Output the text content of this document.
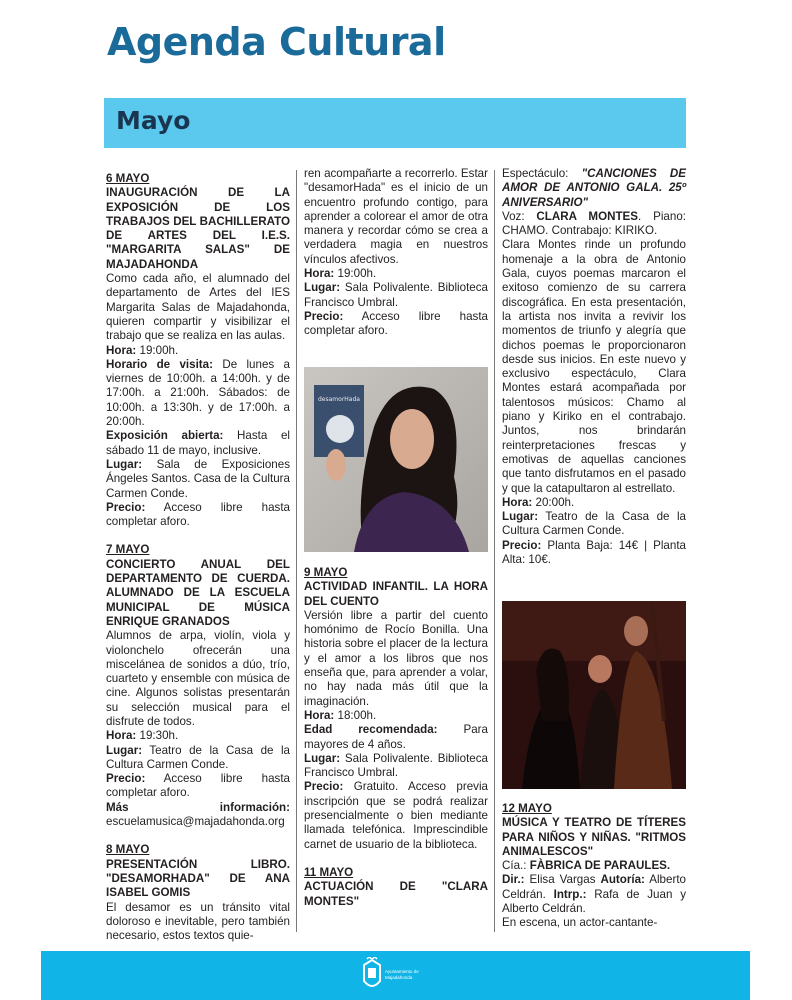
Agenda Cultural
Mayo

6 MAYO

INAUGURACIÓN DE LA EXPOSICIÓN DE LOS TRABAJOS DEL BACHILLERATO DE ARTES DEL I.E.S. "MARGARITA SALAS" DE MAJADAHONDA

Como cada año, el alumnado del departamento de Artes del IES Margarita Salas de Majadahonda, quieren compartir y visibilizar el trabajo que se realiza en las aulas.

Hora: 19:00h.

Horario de visita: De lunes a viernes de 10:00h. a 14:00h. y de 17:00h. a 21:00h. Sábados: de 10:00h. a 13:30h. y de 17:00h. a 20:00h.

Exposición abierta: Hasta el sábado 11 de mayo, inclusive.

Lugar: Sala de Exposiciones Ángeles Santos. Casa de la Cultura Carmen Conde.

Precio: Acceso libre hasta completar aforo.

7 MAYO

CONCIERTO ANUAL DEL DEPARTAMENTO DE CUERDA. ALUMNADO DE LA ESCUELA MUNICIPAL DE MÚSICA ENRIQUE GRANADOS

Alumnos de arpa, violín, viola y violonchelo ofrecerán una miscelánea de sonidos a dúo, trío, cuarteto y ensemble con música de cine. Algunos solistas presentarán su selección musical para el disfrute de todos.

Hora: 19:30h.

Lugar: Teatro de la Casa de la Cultura Carmen Conde.

Precio: Acceso libre hasta completar aforo.

Más información: escuelamusica@majadahonda.org

8 MAYO

PRESENTACIÓN LIBRO. "DESAMORHADA" DE ANA ISABEL GOMIS

El desamor es un tránsito vital doloroso e inevitable, pero también necesario, estos textos quie-

ren acompañarte a recorrerlo. Estar "desamorHada" es el inicio de un encuentro profundo contigo, para aprender a colorear el amor de otra manera y recordar cómo se crea a verdadera magia en nuestros vínculos afectivos.

Hora: 19:00h.

Lugar: Sala Polivalente. Biblioteca Francisco Umbral.

Precio: Acceso libre hasta completar aforo.

9 MAYO

ACTIVIDAD INFANTIL. LA HORA DEL CUENTO

Versión libre a partir del cuento homónimo de Rocío Bonilla. Una historia sobre el placer de la lectura y el amor a los libros que nos enseña que, para aprender a volar, no hay nada más útil que la imaginación.

Hora: 18:00h.

Edad recomendada: Para mayores de 4 años.

Lugar: Sala Polivalente. Biblioteca Francisco Umbral.

Precio: Gratuito. Acceso previa inscripción que se podrá realizar presencialmente o bien mediante llamada telefónica. Imprescindible carnet de usuario de la biblioteca.

11 MAYO

ACTUACIÓN DE "CLARA MONTES"

Espectáculo: "CANCIONES DE AMOR DE ANTONIO GALA. 25º ANIVERSARIO"

Voz: CLARA MONTES. Piano: CHAMO. Contrabajo: KIRIKO.

Clara Montes rinde un profundo homenaje a la obra de Antonio Gala, cuyos poemas marcaron el exitoso comienzo de su carrera discográfica. En esta presentación, la artista nos invita a revivir los momentos de triunfo y alegría que dichos poemas le proporcionaron desde sus inicios. En este nuevo y exclusivo espectáculo, Clara Montes estará acompañada por talentosos músicos: Chamo al piano y Kiriko en el contrabajo. Juntos, nos brindarán reinterpretaciones frescas y emotivas de aquellas canciones que tanto disfrutamos en el pasado y que la catapultaron al estrellato.

Hora: 20:00h.

Lugar: Teatro de la Casa de la Cultura Carmen Conde.

Precio: Planta Baja: 14€ | Planta Alta: 10€.

12 MAYO

MÚSICA Y TEATRO DE TÍTERES PARA NIÑOS Y NIÑAS. "RITMOS ANIMALESCOS"

Cía.: FÀBRICA DE PARAULES.

Dir.: Elisa Vargas Autoría: Alberto Celdrán. Intrp.: Rafa de Juan y Alberto Celdrán.

En escena, un actor-cantante-

desamorHada
Ayuntamiento de Majadahonda
